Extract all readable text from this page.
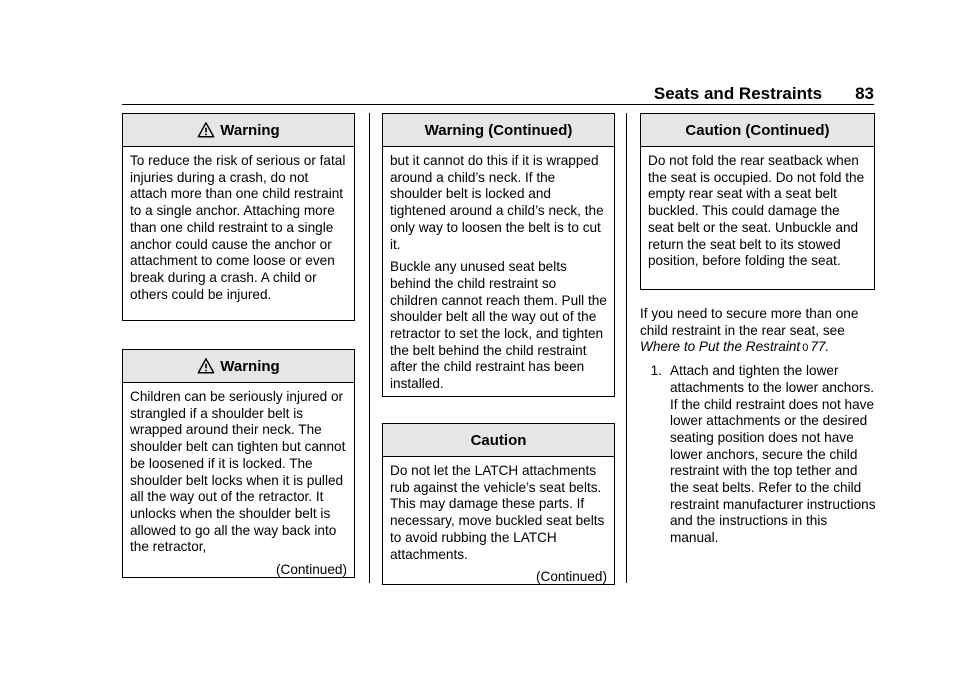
Seats and Restraints 83
Warning

To reduce the risk of serious or fatal injuries during a crash, do not attach more than one child restraint to a single anchor. Attaching more than one child restraint to a single anchor could cause the anchor or attachment to come loose or even break during a crash. A child or others could be injured.

Warning

Children can be seriously injured or strangled if a shoulder belt is wrapped around their neck. The shoulder belt can tighten but cannot be loosened if it is locked. The shoulder belt locks when it is pulled all the way out of the retractor. It unlocks when the shoulder belt is allowed to go all the way back into the retractor,

(Continued)
Warning (Continued)

but it cannot do this if it is wrapped around a child’s neck. If the shoulder belt is locked and tightened around a child’s neck, the only way to loosen the belt is to cut it.

Buckle any unused seat belts behind the child restraint so children cannot reach them. Pull the shoulder belt all the way out of the retractor to set the lock, and tighten the belt behind the child restraint after the child restraint has been installed.

Caution

Do not let the LATCH attachments rub against the vehicle’s seat belts. This may damage these parts. If necessary, move buckled seat belts to avoid rubbing the LATCH attachments.

(Continued)
Caution (Continued)

Do not fold the rear seatback when the seat is occupied. Do not fold the empty rear seat with a seat belt buckled. This could damage the seat belt or the seat. Unbuckle and return the seat belt to its stowed position, before folding the seat.

If you need to secure more than one child restraint in the rear seat, see Where to Put the Restraint 0 77.

1. Attach and tighten the lower attachments to the lower anchors. If the child restraint does not have lower attachments or the desired seating position does not have lower anchors, secure the child restraint with the top tether and the seat belts. Refer to the child restraint manufacturer instructions and the instructions in this manual.
